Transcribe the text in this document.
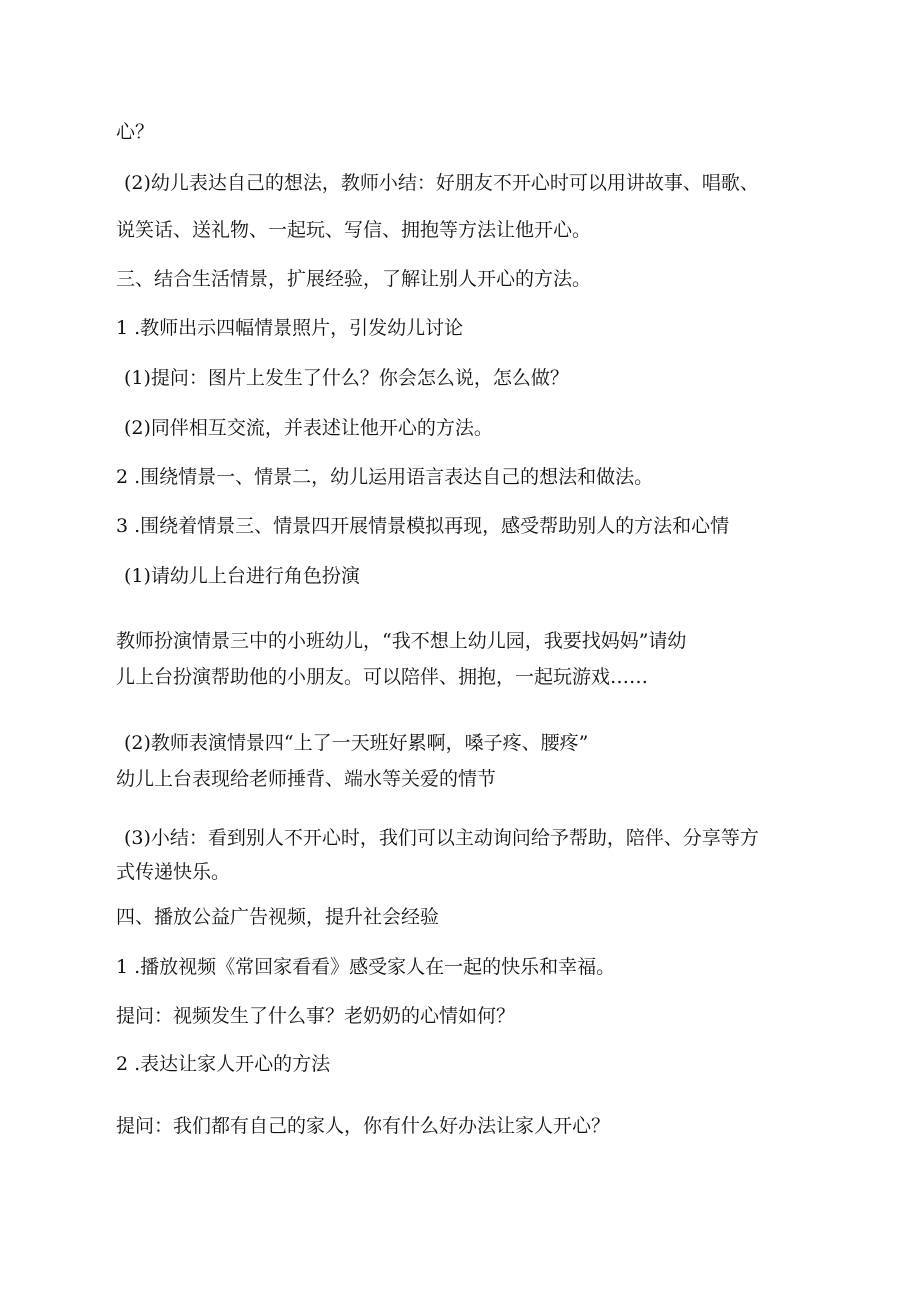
心？
(2)幼儿表达自己的想法，教师小结：好朋友不开心时可以用讲故事、唱歌、
说笑话、送礼物、一起玩、写信、拥抱等方法让他开心。
三、结合生活情景，扩展经验，了解让别人开心的方法。
1 .教师出示四幅情景照片，引发幼儿讨论
(1)提问：图片上发生了什么？你会怎么说，怎么做？
(2)同伴相互交流，并表述让他开心的方法。
2 .围绕情景一、情景二，幼儿运用语言表达自己的想法和做法。
3 .围绕着情景三、情景四开展情景模拟再现，感受帮助别人的方法和心情
(1)请幼儿上台进行角色扮演
教师扮演情景三中的小班幼儿，“我不想上幼儿园，我要找妈妈”请幼
儿上台扮演帮助他的小朋友。可以陪伴、拥抱，一起玩游戏……
(2)教师表演情景四“上了一天班好累啊，嗓子疼、腰疼”
幼儿上台表现给老师捶背、端水等关爱的情节
(3)小结：看到别人不开心时，我们可以主动询问给予帮助，陪伴、分享等方
式传递快乐。
四、播放公益广告视频，提升社会经验
1 .播放视频《常回家看看》感受家人在一起的快乐和幸福。
提问：视频发生了什么事？老奶奶的心情如何？
2 .表达让家人开心的方法
提问：我们都有自己的家人，你有什么好办法让家人开心？
